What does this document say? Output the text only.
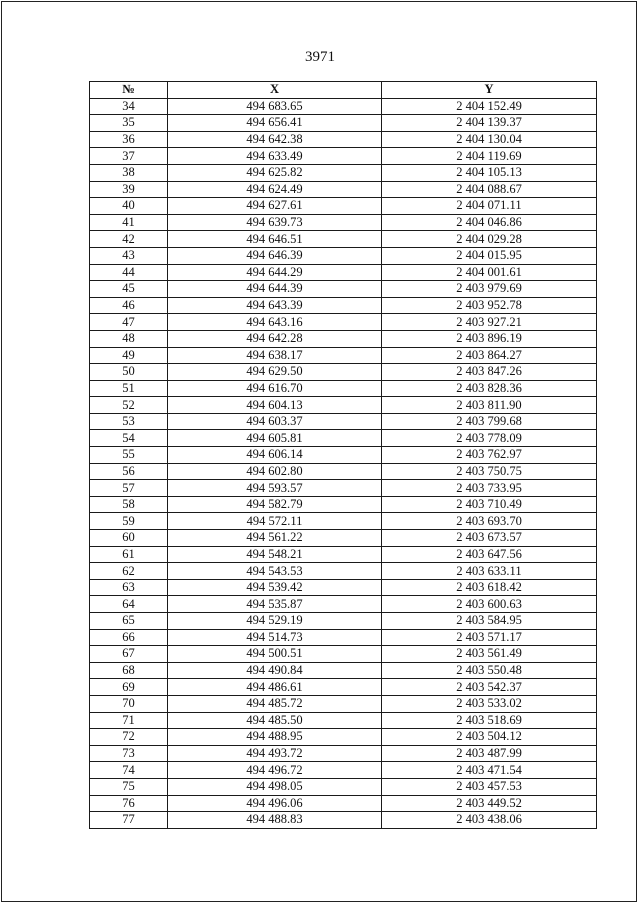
3971
№	X	Y
34	494 683.65	2 404 152.49
35	494 656.41	2 404 139.37
36	494 642.38	2 404 130.04
37	494 633.49	2 404 119.69
38	494 625.82	2 404 105.13
39	494 624.49	2 404 088.67
40	494 627.61	2 404 071.11
41	494 639.73	2 404 046.86
42	494 646.51	2 404 029.28
43	494 646.39	2 404 015.95
44	494 644.29	2 404 001.61
45	494 644.39	2 403 979.69
46	494 643.39	2 403 952.78
47	494 643.16	2 403 927.21
48	494 642.28	2 403 896.19
49	494 638.17	2 403 864.27
50	494 629.50	2 403 847.26
51	494 616.70	2 403 828.36
52	494 604.13	2 403 811.90
53	494 603.37	2 403 799.68
54	494 605.81	2 403 778.09
55	494 606.14	2 403 762.97
56	494 602.80	2 403 750.75
57	494 593.57	2 403 733.95
58	494 582.79	2 403 710.49
59	494 572.11	2 403 693.70
60	494 561.22	2 403 673.57
61	494 548.21	2 403 647.56
62	494 543.53	2 403 633.11
63	494 539.42	2 403 618.42
64	494 535.87	2 403 600.63
65	494 529.19	2 403 584.95
66	494 514.73	2 403 571.17
67	494 500.51	2 403 561.49
68	494 490.84	2 403 550.48
69	494 486.61	2 403 542.37
70	494 485.72	2 403 533.02
71	494 485.50	2 403 518.69
72	494 488.95	2 403 504.12
73	494 493.72	2 403 487.99
74	494 496.72	2 403 471.54
75	494 498.05	2 403 457.53
76	494 496.06	2 403 449.52
77	494 488.83	2 403 438.06
